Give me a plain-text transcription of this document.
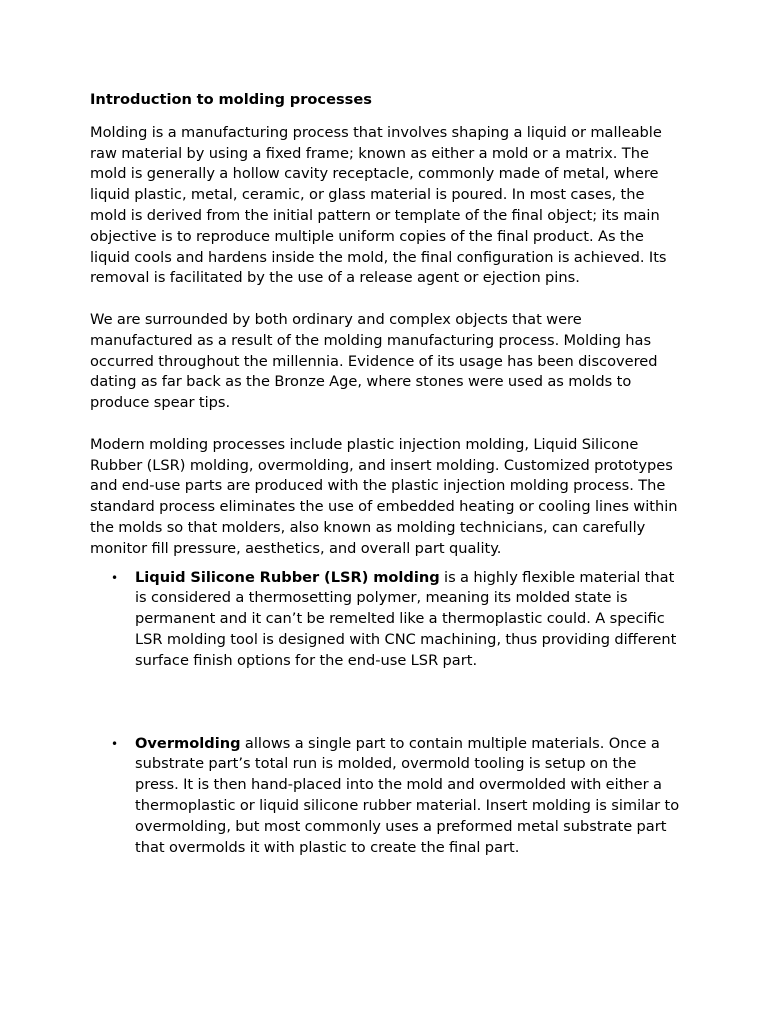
Introduction to molding processes

Molding is a manufacturing process that involves shaping a liquid or malleable raw material by using a fixed frame; known as either a mold or a matrix. The mold is generally a hollow cavity receptacle, commonly made of metal, where liquid plastic, metal, ceramic, or glass material is poured. In most cases, the mold is derived from the initial pattern or template of the final object; its main objective is to reproduce multiple uniform copies of the final product. As the liquid cools and hardens inside the mold, the final configuration is achieved. Its removal is facilitated by the use of a release agent or ejection pins.

We are surrounded by both ordinary and complex objects that were manufactured as a result of the molding manufacturing process. Molding has occurred throughout the millennia. Evidence of its usage has been discovered dating as far back as the Bronze Age, where stones were used as molds to produce spear tips.

Modern molding processes include plastic injection molding, Liquid Silicone Rubber (LSR) molding, overmolding, and insert molding. Customized prototypes and end-use parts are produced with the plastic injection molding process. The standard process eliminates the use of embedded heating or cooling lines within the molds so that molders, also known as molding technicians, can carefully monitor fill pressure, aesthetics, and overall part quality.

• Liquid Silicone Rubber (LSR) molding is a highly flexible material that is considered a thermosetting polymer, meaning its molded state is permanent and it can’t be remelted like a thermoplastic could. A specific LSR molding tool is designed with CNC machining, thus providing different surface finish options for the end-use LSR part.
• Overmolding allows a single part to contain multiple materials. Once a substrate part’s total run is molded, overmold tooling is setup on the press. It is then hand-placed into the mold and overmolded with either a thermoplastic or liquid silicone rubber material. Insert molding is similar to overmolding, but most commonly uses a preformed metal substrate part that overmolds it with plastic to create the final part.
